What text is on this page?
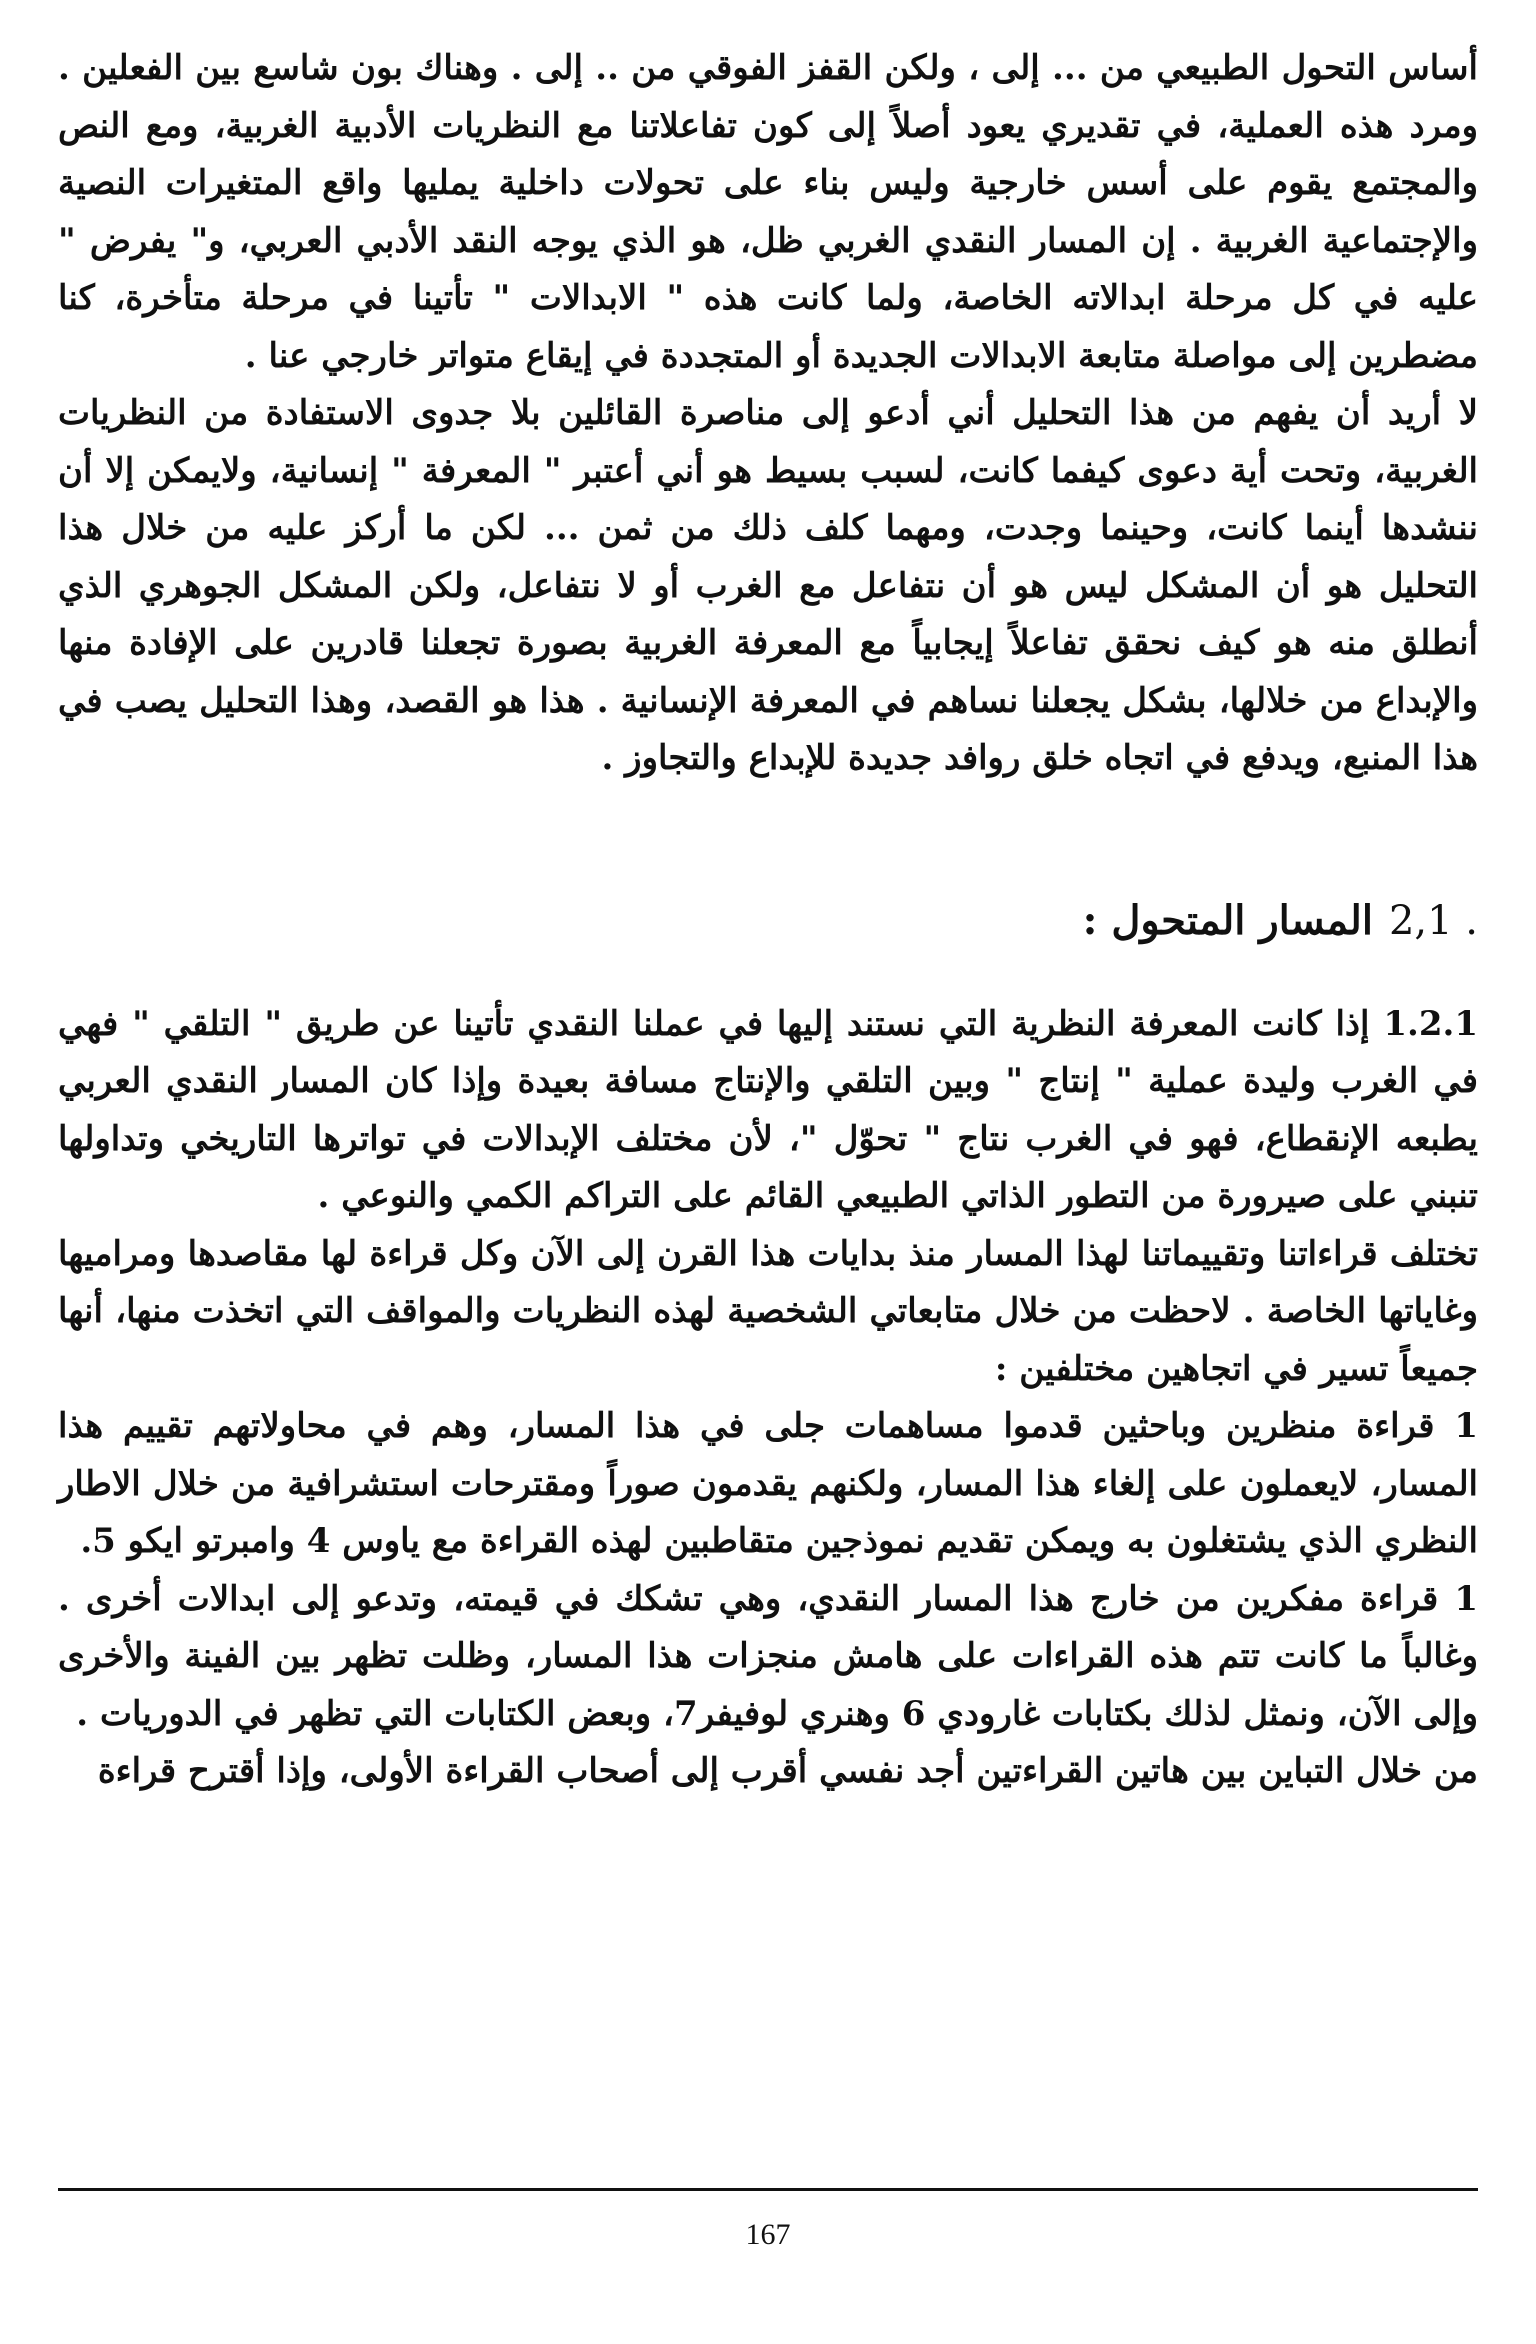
أساس التحول الطبيعي من ... إلى ، ولكن القفز الفوقي من .. إلى . وهناك بون شاسع بين الفعلين . ومرد هذه العملية، في تقديري يعود أصلاً إلى كون تفاعلاتنا مع النظريات الأدبية الغربية، ومع النص والمجتمع يقوم على أسس خارجية وليس بناء على تحولات داخلية يمليها واقع المتغيرات النصية والإجتماعية الغربية . إن المسار النقدي الغربي ظل، هو الذي يوجه النقد الأدبي العربي، و" يفرض " عليه في كل مرحلة ابدالاته الخاصة، ولما كانت هذه " الابدالات " تأتينا في مرحلة متأخرة، كنا مضطرين إلى مواصلة متابعة الابدالات الجديدة أو المتجددة في إيقاع متواتر خارجي عنا .

لا أريد أن يفهم من هذا التحليل أني أدعو إلى مناصرة القائلين بلا جدوى الاستفادة من النظريات الغربية، وتحت أية دعوى كيفما كانت، لسبب بسيط هو أني أعتبر " المعرفة " إنسانية، ولايمكن إلا أن ننشدها أينما كانت، وحينما وجدت، ومهما كلف ذلك من ثمن ... لكن ما أركز عليه من خلال هذا التحليل هو أن المشكل ليس هو أن نتفاعل مع الغرب أو لا نتفاعل، ولكن المشكل الجوهري الذي أنطلق منه هو كيف نحقق تفاعلاً إيجابياً مع المعرفة الغربية بصورة تجعلنا قادرين على الإفادة منها والإبداع من خلالها، بشكل يجعلنا نساهم في المعرفة الإنسانية . هذا هو القصد، وهذا التحليل يصب في هذا المنبع، ويدفع في اتجاه خلق روافد جديدة للإبداع والتجاوز .

2,1 .
المسار المتحول :

1.2.1 إذا كانت المعرفة النظرية التي نستند إليها في عملنا النقدي تأتينا عن طريق " التلقي " فهي في الغرب وليدة عملية " إنتاج " وبين التلقي والإنتاج مسافة بعيدة وإذا كان المسار النقدي العربي يطبعه الإنقطاع، فهو في الغرب نتاج " تحوّل "، لأن مختلف الإبدالات في تواترها التاريخي وتداولها تنبني على صيرورة من التطور الذاتي الطبيعي القائم على التراكم الكمي والنوعي .

تختلف قراءاتنا وتقييماتنا لهذا المسار منذ بدايات هذا القرن إلى الآن وكل قراءة لها مقاصدها ومراميها وغاياتها الخاصة . لاحظت من خلال متابعاتي الشخصية لهذه النظريات والمواقف التي اتخذت منها، أنها جميعاً تسير في اتجاهين مختلفين :

1 قراءة منظرين وباحثين قدموا مساهمات جلى في هذا المسار، وهم في محاولاتهم تقييم هذا المسار، لايعملون على إلغاء هذا المسار، ولكنهم يقدمون صوراً ومقترحات استشرافية من خلال الاطار النظري الذي يشتغلون به ويمكن تقديم نموذجين متقاطبين لهذه القراءة مع ياوس 4 وامبرتو ايكو 5.

1 قراءة مفكرين من خارج هذا المسار النقدي، وهي تشكك في قيمته، وتدعو إلى ابدالات أخرى . وغالباً ما كانت تتم هذه القراءات على هامش منجزات هذا المسار، وظلت تظهر بين الفينة والأخرى وإلى الآن، ونمثل لذلك بكتابات غارودي 6 وهنري لوفيفر7، وبعض الكتابات التي تظهر في الدوريات .

من خلال التباين بين هاتين القراءتين أجد نفسي أقرب إلى أصحاب القراءة الأولى، وإذا أقترح قراءة

167
